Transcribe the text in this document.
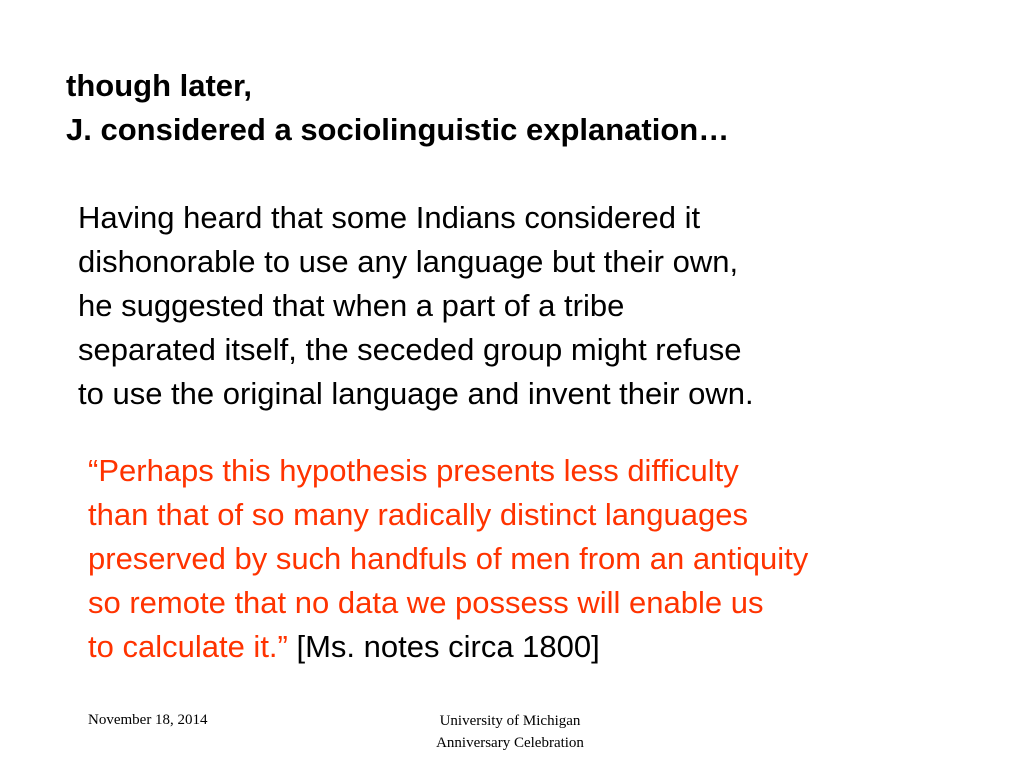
though later,
J. considered a sociolinguistic explanation…
Having heard that some Indians considered it
dishonorable to use any language but their own,
he suggested that when a part of a tribe
separated itself, the seceded group might refuse
to use the original language and invent their own.
“Perhaps this hypothesis presents less difficulty
than that of so many radically distinct languages
preserved by such handfuls of men from an antiquity
so remote that no data we possess will enable us
to calculate it.” [Ms. notes circa 1800]
November 18, 2014	University of Michigan
Anniversary Celebration
